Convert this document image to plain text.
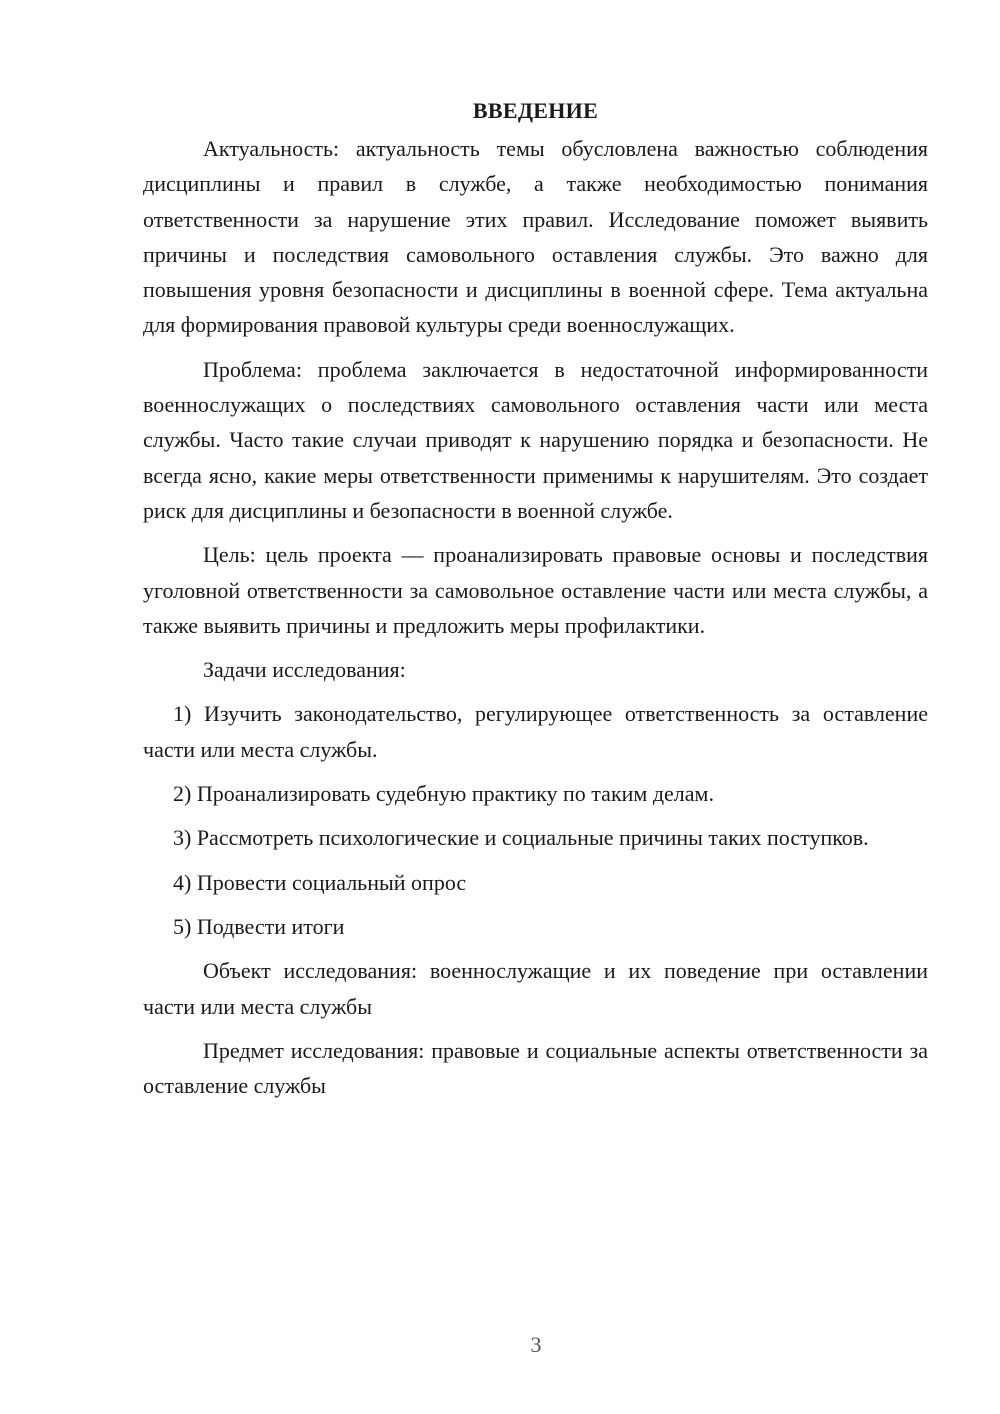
ВВЕДЕНИЕ

Актуальность: актуальность темы обусловлена важностью соблюдения дисциплины и правил в службе, а также необходимостью понимания ответственности за нарушение этих правил. Исследование поможет выявить причины и последствия самовольного оставления службы. Это важно для повышения уровня безопасности и дисциплины в военной сфере. Тема актуальна для формирования правовой культуры среди военнослужащих.

Проблема: проблема заключается в недостаточной информированности военнослужащих о последствиях самовольного оставления части или места службы. Часто такие случаи приводят к нарушению порядка и безопасности. Не всегда ясно, какие меры ответственности применимы к нарушителям. Это создает риск для дисциплины и безопасности в военной службе.

Цель: цель проекта — проанализировать правовые основы и последствия уголовной ответственности за самовольное оставление части или места службы, а также выявить причины и предложить меры профилактики.

Задачи исследования:

1) Изучить законодательство, регулирующее ответственность за оставление части или места службы.

2) Проанализировать судебную практику по таким делам.

3) Рассмотреть психологические и социальные причины таких поступков.

4) Провести социальный опрос

5) Подвести итоги

Объект исследования: военнослужащие и их поведение при оставлении части или места службы

Предмет исследования: правовые и социальные аспекты ответственности за оставление службы

3
